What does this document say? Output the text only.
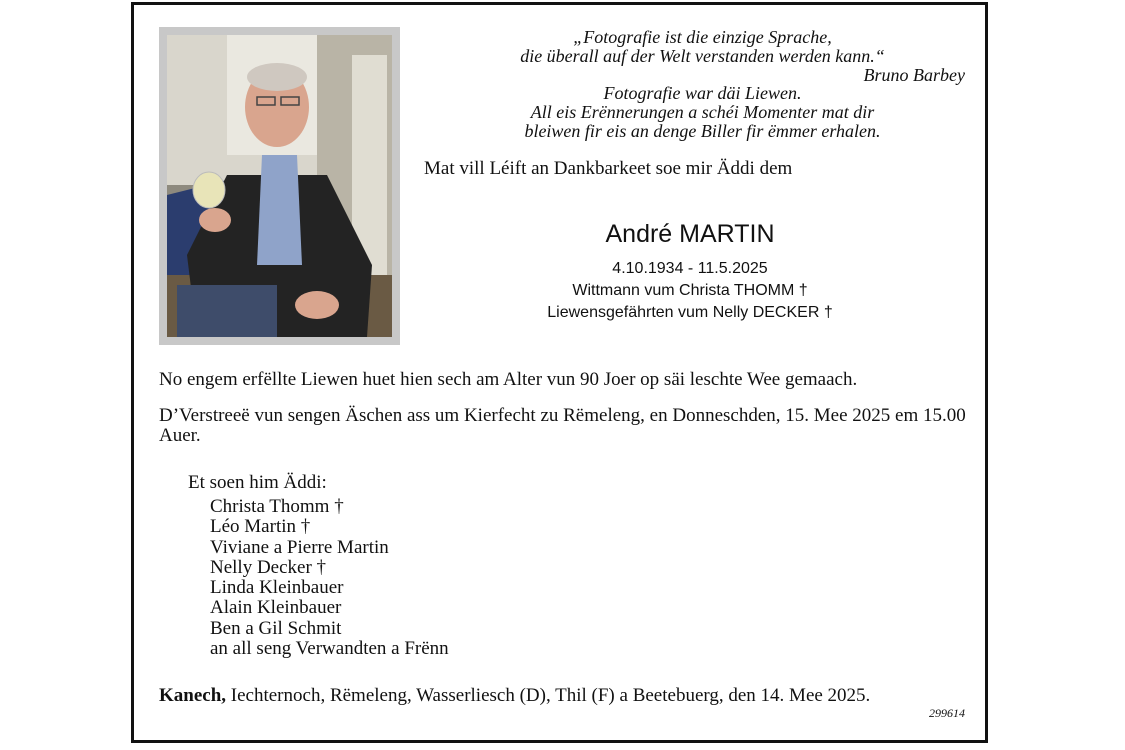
„Fotografie ist die einzige Sprache,
die überall auf der Welt verstanden werden kann.“
Bruno Barbey
Fotografie war däi Liewen.
All eis Erënnerungen a schéi Momenter mat dir
bleiwen fir eis an denge Biller fir ëmmer erhalen.
Mat vill Léift an Dankbarkeet soe mir Äddi dem
André MARTIN
4.10.1934 - 11.5.2025
Wittmann vum Christa THOMM †
Liewensgefährten vum Nelly DECKER †
No engem erfëllte Liewen huet hien sech am Alter vun 90 Joer op säi leschte Wee gemaach.
D’Verstreeë vun sengen Äschen ass um Kierfecht zu Rëmeleng, en Donneschden, 15. Mee 2025 em 15.00 Auer.
Et soen him Äddi:
Christa Thomm †
Léo Martin †
Viviane a Pierre Martin
Nelly Decker †
Linda Kleinbauer
Alain Kleinbauer
Ben a Gil Schmit
an all seng Verwandten a Frënn
Kanech, Iechternoch, Rëmeleng, Wasserliesch (D), Thil (F) a Beetebuerg, den 14. Mee 2025.
299614
